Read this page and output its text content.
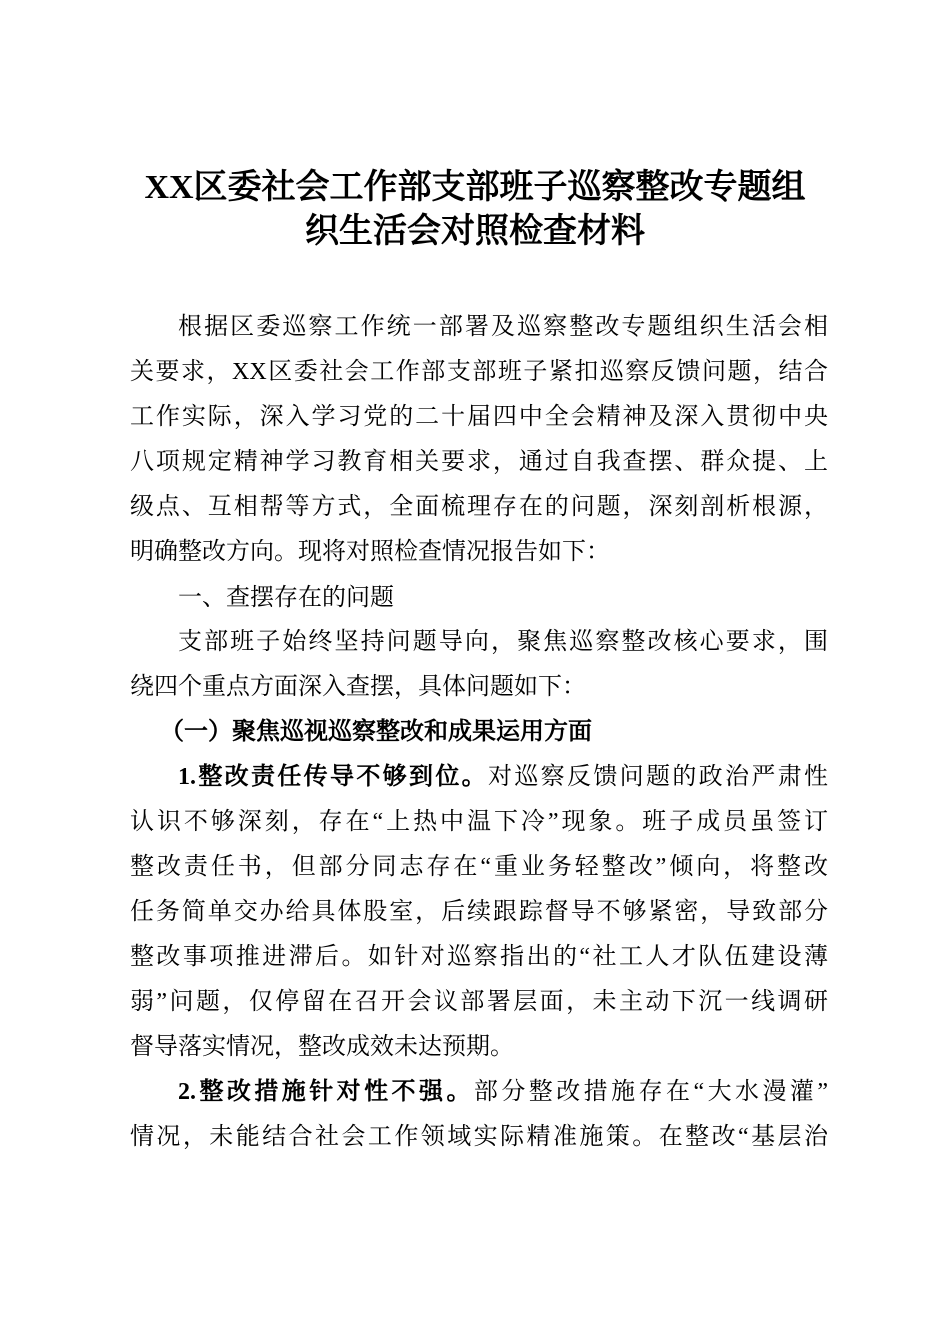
XX区委社会工作部支部班子巡察整改专题组
织生活会对照检查材料
根据区委巡察工作统一部署及巡察整改专题组织生活会相
关要求，XX区委社会工作部支部班子紧扣巡察反馈问题，结合
工作实际，深入学习党的二十届四中全会精神及深入贯彻中央
八项规定精神学习教育相关要求，通过自我查摆、群众提、上
级点、互相帮等方式，全面梳理存在的问题，深刻剖析根源，
明确整改方向。现将对照检查情况报告如下：
一、查摆存在的问题
支部班子始终坚持问题导向，聚焦巡察整改核心要求，围
绕四个重点方面深入查摆，具体问题如下：
（一）聚焦巡视巡察整改和成果运用方面
1.整改责任传导不够到位。对巡察反馈问题的政治严肃性
认识不够深刻，存在“上热中温下冷”现象。班子成员虽签订
整改责任书，但部分同志存在“重业务轻整改”倾向，将整改
任务简单交办给具体股室，后续跟踪督导不够紧密，导致部分
整改事项推进滞后。如针对巡察指出的“社工人才队伍建设薄
弱”问题，仅停留在召开会议部署层面，未主动下沉一线调研
督导落实情况，整改成效未达预期。
2.整改措施针对性不强。部分整改措施存在“大水漫灌”
情况，未能结合社会工作领域实际精准施策。在整改“基层治
